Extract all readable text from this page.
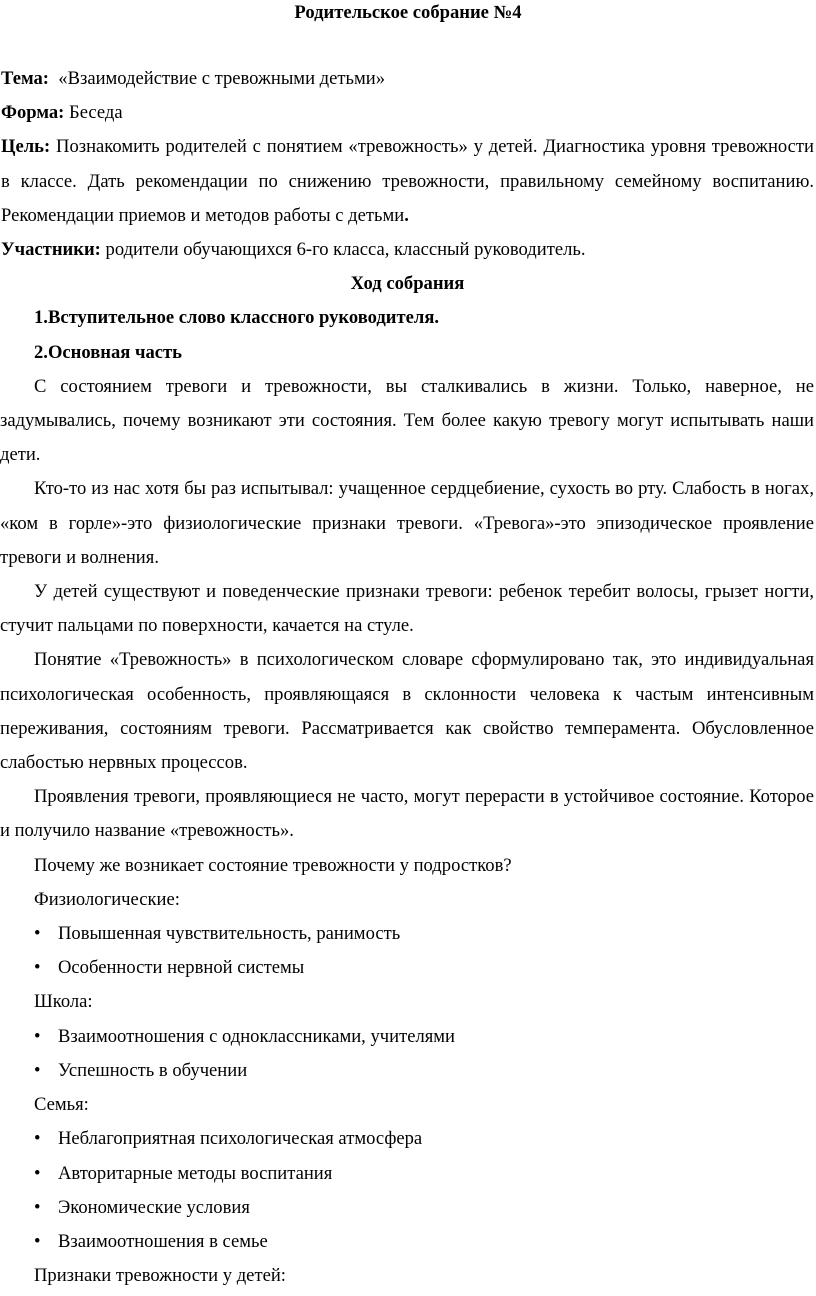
Родительское собрание №4

Тема: «Взаимодействие с тревожными детьми»

Форма: Беседа

Цель: Познакомить родителей с понятием «тревожность» у детей. Диагностика уровня тревожности в классе. Дать рекомендации по снижению тревожности, правильному семейному воспитанию. Рекомендации приемов и методов работы с детьми.

Участники: родители обучающихся 6-го класса, классный руководитель.

Ход собрания

1.Вступительное слово классного руководителя.

2.Основная часть

С состоянием тревоги и тревожности, вы сталкивались в жизни. Только, наверное, не задумывались, почему возникают эти состояния. Тем более какую тревогу могут испытывать наши дети.

Кто-то из нас хотя бы раз испытывал: учащенное сердцебиение, сухость во рту. Слабость в ногах, «ком в горле»-это физиологические признаки тревоги. «Тревога»-это эпизодическое проявление тревоги и волнения.

У детей существуют и поведенческие признаки тревоги: ребенок теребит волосы, грызет ногти, стучит пальцами по поверхности, качается на стуле.

Понятие «Тревожность» в психологическом словаре сформулировано так, это индивидуальная психологическая особенность, проявляющаяся в склонности человека к частым интенсивным переживания, состояниям тревоги. Рассматривается как свойство темперамента. Обусловленное слабостью нервных процессов.

Проявления тревоги, проявляющиеся не часто, могут перерасти в устойчивое состояние. Которое и получило название «тревожность».

Почему же возникает состояние тревожности у подростков?

Физиологические:

• Повышенная чувствительность, ранимость
• Особенности нервной системы

Школа:

• Взаимоотношения с одноклассниками, учителями
• Успешность в обучении

Семья:

• Неблагоприятная психологическая атмосфера
• Авторитарные методы воспитания
• Экономические условия
• Взаимоотношения в семье

Признаки тревожности у детей:
